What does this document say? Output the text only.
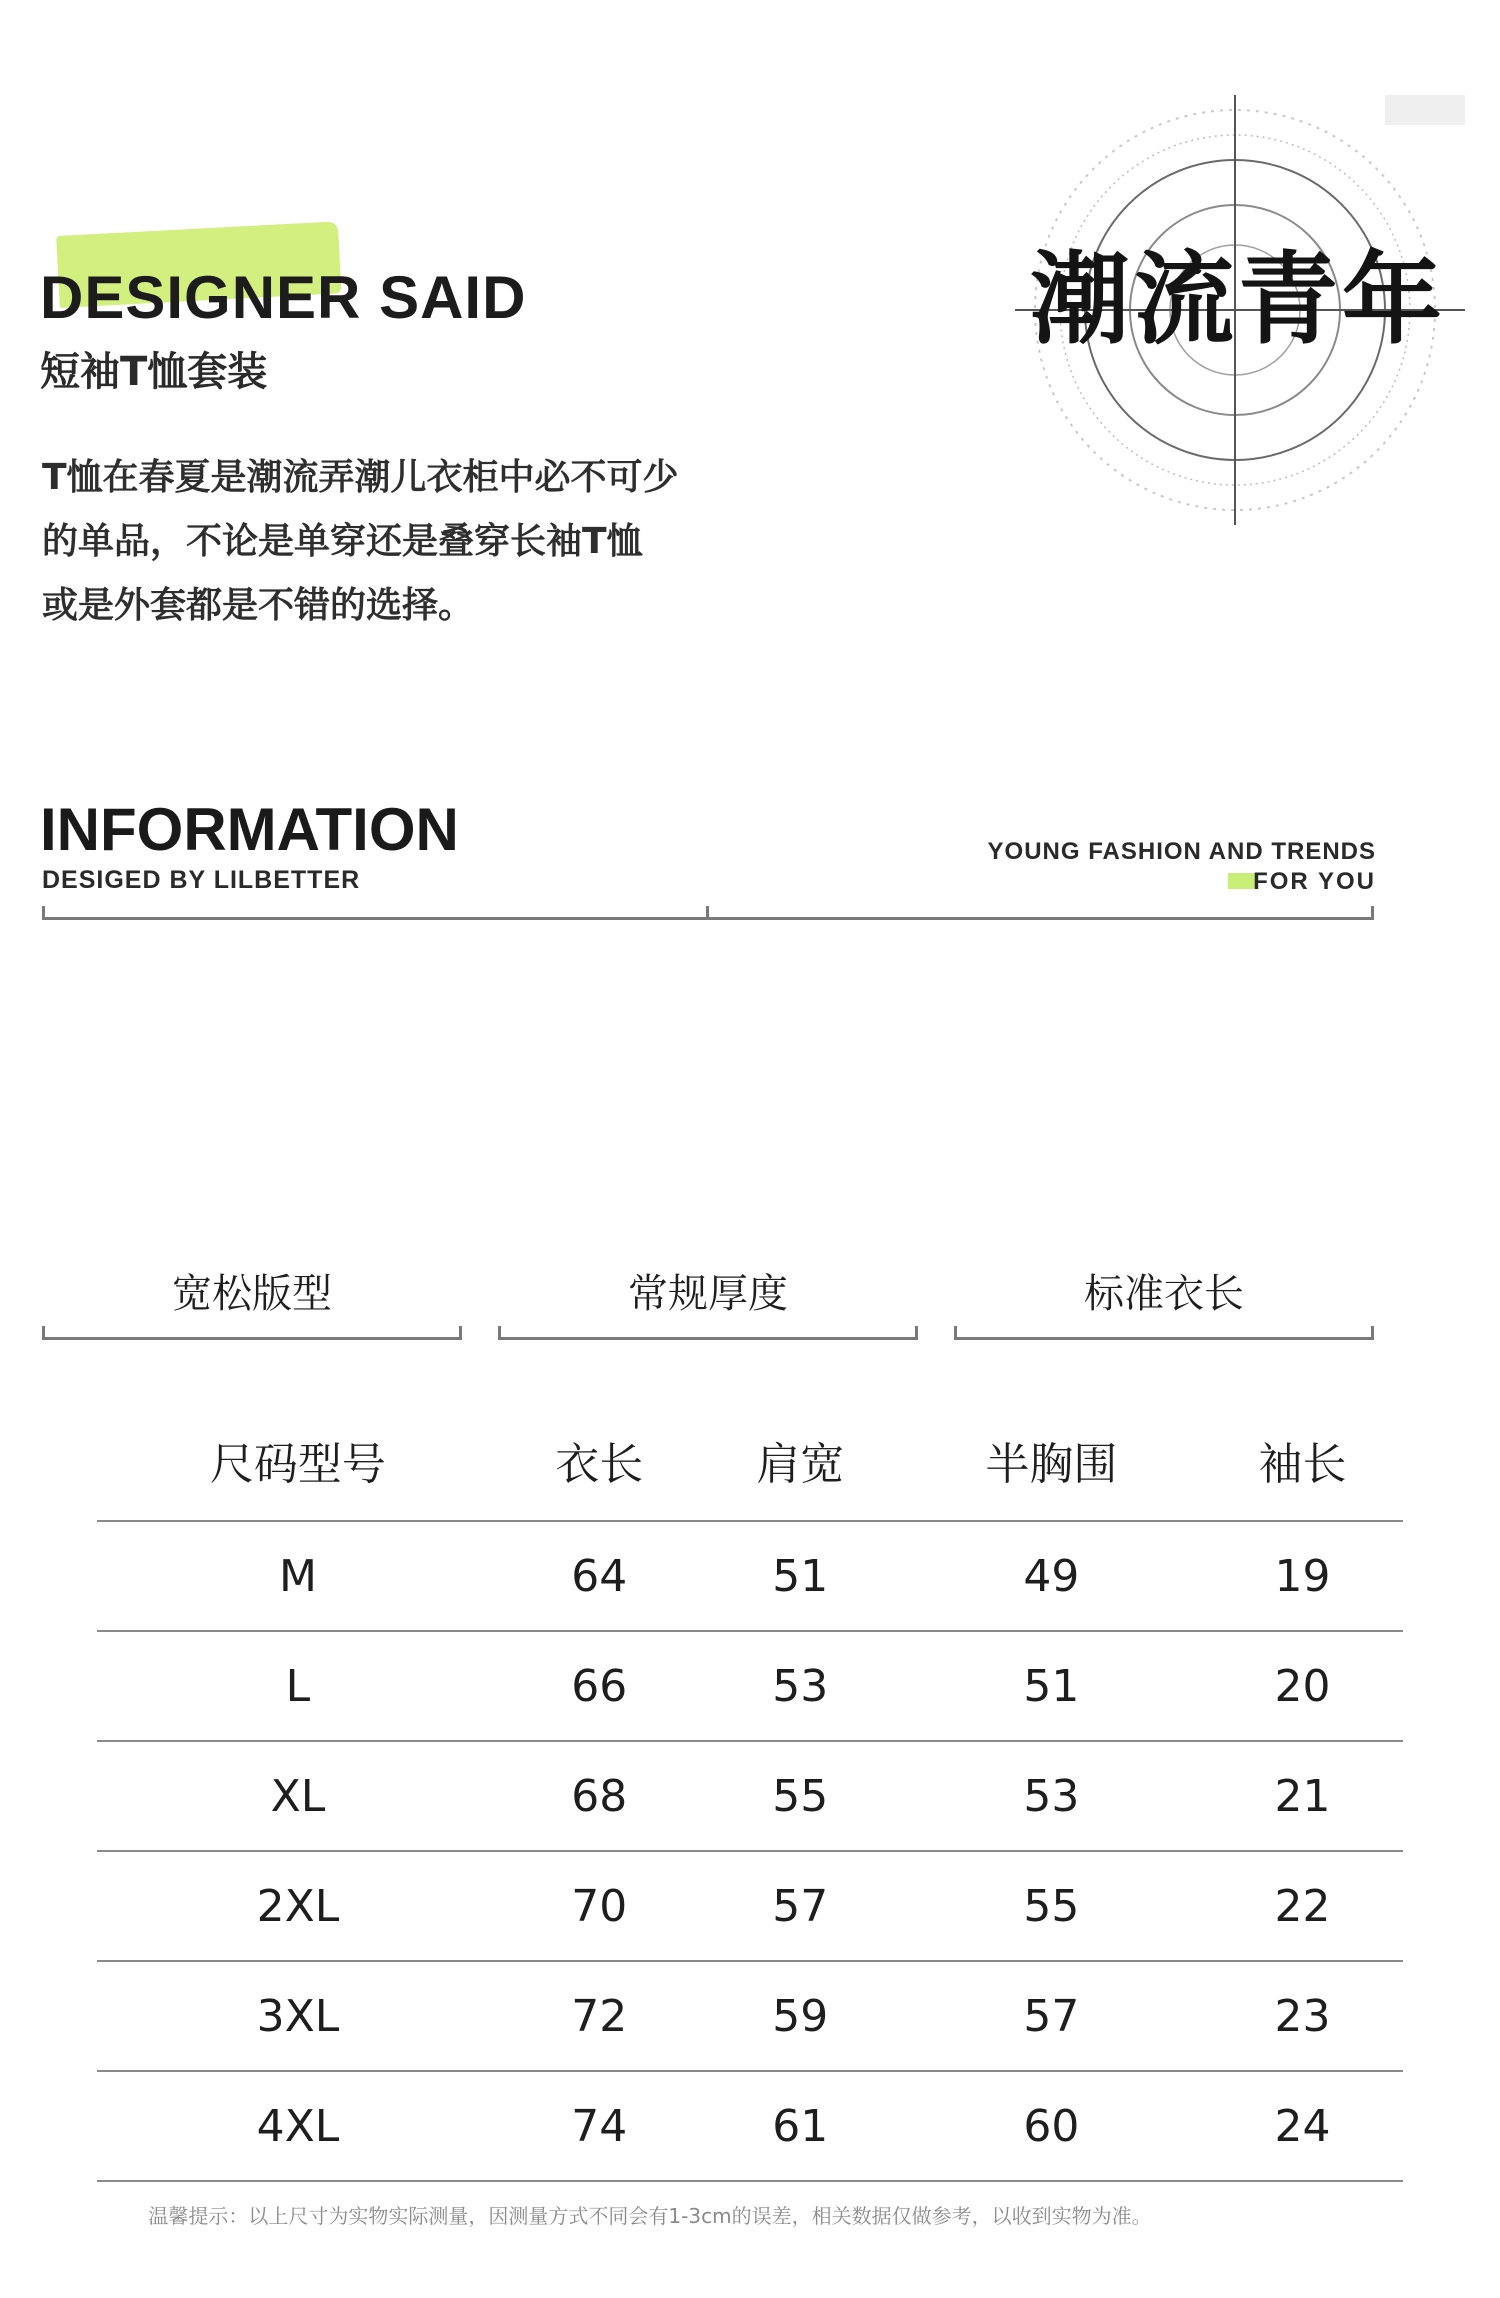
DESIGNER SAID
短袖T恤套装
T恤在春夏是潮流弄潮儿衣柜中必不可少
的单品，不论是单穿还是叠穿长袖T恤
或是外套都是不错的选择。
潮流青年
INFORMATION
DESIGED BY LILBETTER
YOUNG FASHION AND TRENDS
FOR YOU
宽松版型	常规厚度	标准衣长
尺码型号	衣长	肩宽	半胸围	袖长
M	64	51	49	19
L	66	53	51	20
XL	68	55	53	21
2XL	70	57	55	22
3XL	72	59	57	23
4XL	74	61	60	24
温馨提示：以上尺寸为实物实际测量，因测量方式不同会有1-3cm的误差，相关数据仅做参考，以收到实物为准。
